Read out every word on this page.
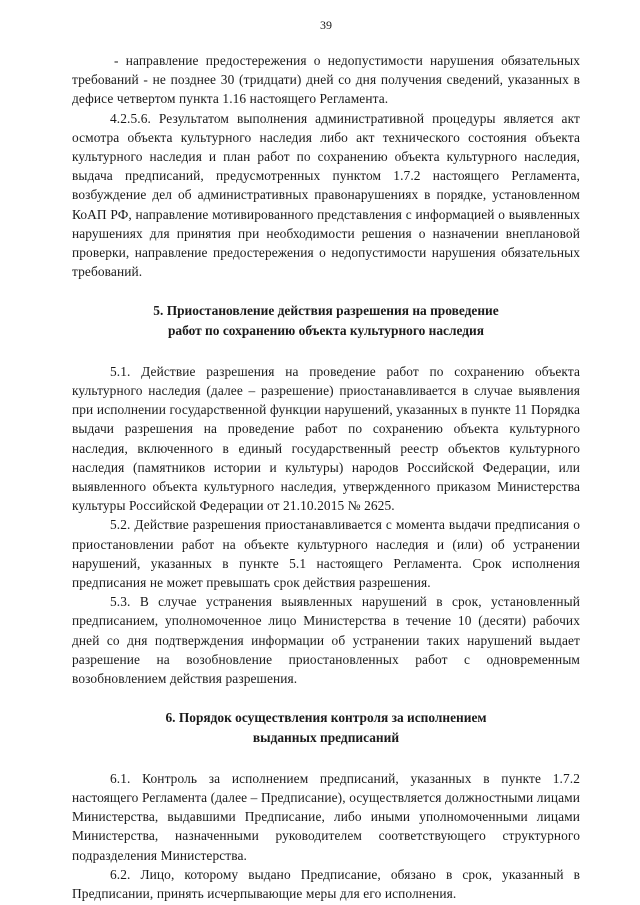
39

- направление предостережения о недопустимости нарушения обязательных требований - не позднее 30 (тридцати) дней со дня получения сведений, указанных в дефисе четвертом пункта 1.16 настоящего Регламента.

4.2.5.6. Результатом выполнения административной процедуры является акт осмотра объекта культурного наследия либо акт технического состояния объекта культурного наследия и план работ по сохранению объекта культурного наследия, выдача предписаний, предусмотренных пунктом 1.7.2 настоящего Регламента, возбуждение дел об административных правонарушениях в порядке, установленном КоАП РФ, направление мотивированного представления с информацией о выявленных нарушениях для принятия при необходимости решения о назначении внеплановой проверки, направление предостережения о недопустимости нарушения обязательных требований.

5. Приостановление действия разрешения на проведение
работ по сохранению объекта культурного наследия

5.1. Действие разрешения на проведение работ по сохранению объекта культурного наследия (далее – разрешение) приостанавливается в случае выявления при исполнении государственной функции нарушений, указанных в пункте 11 Порядка выдачи разрешения на проведение работ по сохранению объекта культурного наследия, включенного в единый государственный реестр объектов культурного наследия (памятников истории и культуры) народов Российской Федерации, или выявленного объекта культурного наследия, утвержденного приказом Министерства культуры Российской Федерации от 21.10.2015 № 2625.

5.2. Действие разрешения приостанавливается с момента выдачи предписания о приостановлении работ на объекте культурного наследия и (или) об устранении нарушений, указанных в пункте 5.1 настоящего Регламента. Срок исполнения предписания не может превышать срок действия разрешения.

5.3. В случае устранения выявленных нарушений в срок, установленный предписанием, уполномоченное лицо Министерства в течение 10 (десяти) рабочих дней со дня подтверждения информации об устранении таких нарушений выдает разрешение на возобновление приостановленных работ с одновременным возобновлением действия разрешения.

6. Порядок осуществления контроля за исполнением
выданных предписаний

6.1. Контроль за исполнением предписаний, указанных в пункте 1.7.2 настоящего Регламента (далее – Предписание), осуществляется должностными лицами Министерства, выдавшими Предписание, либо иными уполномоченными лицами Министерства, назначенными руководителем соответствующего структурного подразделения Министерства.

6.2. Лицо, которому выдано Предписание, обязано в срок, указанный в Предписании, принять исчерпывающие меры для его исполнения.
